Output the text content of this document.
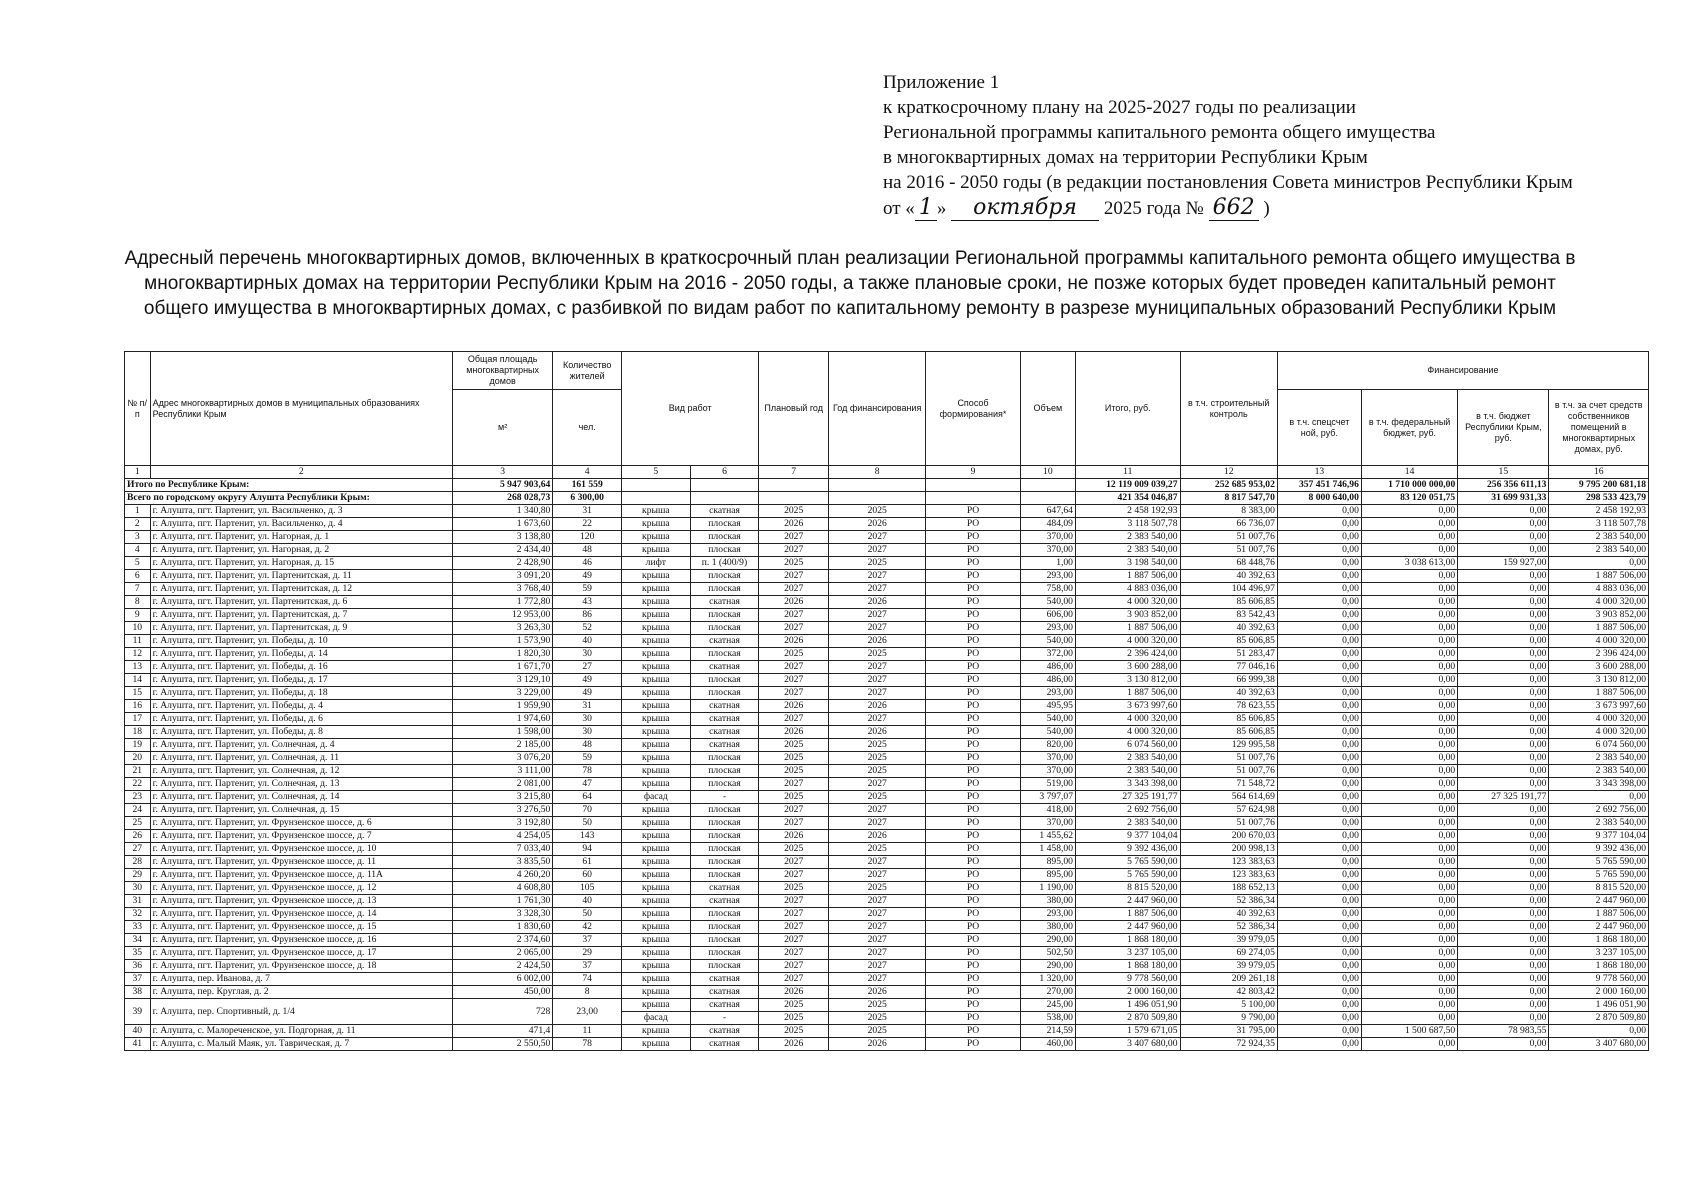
Приложение 1
к краткосрочному плану на 2025-2027 годы по реализации
Региональной программы капитального ремонта общего имущества
в многоквартирных домах на территории Республики Крым
на 2016 - 2050 годы (в редакции постановления Совета министров Республики Крым
от « 1 » октября 2025 года № 662 )
Адресный перечень многоквартирных домов, включенных в краткосрочный план реализации Региональной программы капитального ремонта общего имущества в многоквартирных домах на территории Республики Крым на 2016 - 2050 годы, а также плановые сроки, не позже которых будет проведен капитальный ремонт общего имущества в многоквартирных домах, с разбивкой по видам работ по капитальному ремонту в разрезе муниципальных образований Республики Крым
№ п/п	Адрес многоквартирных домов в муниципальных образованиях Республики Крым	Общая площадь многоквартирных домов	Количество жителей	Вид работ		Плановый год	Год финансирования	Способ формирования*	Объем	Итого, руб.	в т.ч. строительный контроль	Финансирование			
		м²	чел.									в т.ч. спецсчет ной, руб.	в т.ч. федеральный бюджет, руб.	в т.ч. бюджет Республики Крым, руб.	в т.ч. за счет средств собственников помещений в многоквартирных домах, руб.
1	2	3	4	5	6	7	8	9	10	11	12	13	14	15	16
Итого по Республике Крым:		5 947 903,64	161 559							12 119 009 039,27	252 685 953,02	357 451 746,96	1 710 000 000,00	256 356 611,13	9 795 200 681,18
Всего по городскому округу Алушта Республики Крым:		268 028,73	6 300,00							421 354 046,87	8 817 547,70	8 000 640,00	83 120 051,75	31 699 931,33	298 533 423,79
1	г. Алушта, пгт. Партенит, ул. Васильченко, д. 3	1 340,80	31	крыша	скатная	2025	2025	РО	647,64	2 458 192,93	8 383,00	0,00	0,00	0,00	2 458 192,93
2	г. Алушта, пгт. Партенит, ул. Васильченко, д. 4	1 673,60	22	крыша	плоская	2026	2026	РО	484,09	3 118 507,78	66 736,07	0,00	0,00	0,00	3 118 507,78
3	г. Алушта, пгт. Партенит, ул. Нагорная, д. 1	3 138,80	120	крыша	плоская	2027	2027	РО	370,00	2 383 540,00	51 007,76	0,00	0,00	0,00	2 383 540,00
4	г. Алушта, пгт. Партенит, ул. Нагорная, д. 2	2 434,40	48	крыша	плоская	2027	2027	РО	370,00	2 383 540,00	51 007,76	0,00	0,00	0,00	2 383 540,00
5	г. Алушта, пгт. Партенит, ул. Нагорная, д. 15	2 428,90	46	лифт	п. 1 (400/9)	2025	2025	РО	1,00	3 198 540,00	68 448,76	0,00	3 038 613,00	159 927,00	0,00
6	г. Алушта, пгт. Партенит, ул. Партенитская, д. 11	3 091,20	49	крыша	плоская	2027	2027	РО	293,00	1 887 506,00	40 392,63	0,00	0,00	0,00	1 887 506,00
7	г. Алушта, пгт. Партенит, ул. Партенитская, д. 12	3 768,40	59	крыша	плоская	2027	2027	РО	758,00	4 883 036,00	104 496,97	0,00	0,00	0,00	4 883 036,00
8	г. Алушта, пгт. Партенит, ул. Партенитская, д. 6	1 772,80	43	крыша	скатная	2026	2026	РО	540,00	4 000 320,00	85 606,85	0,00	0,00	0,00	4 000 320,00
9	г. Алушта, пгт. Партенит, ул. Партенитская, д. 7	12 953,00	86	крыша	плоская	2027	2027	РО	606,00	3 903 852,00	83 542,43	0,00	0,00	0,00	3 903 852,00
10	г. Алушта, пгт. Партенит, ул. Партенитская, д. 9	3 263,30	52	крыша	плоская	2027	2027	РО	293,00	1 887 506,00	40 392,63	0,00	0,00	0,00	1 887 506,00
11	г. Алушта, пгт. Партенит, ул. Победы, д. 10	1 573,90	40	крыша	скатная	2026	2026	РО	540,00	4 000 320,00	85 606,85	0,00	0,00	0,00	4 000 320,00
12	г. Алушта, пгт. Партенит, ул. Победы, д. 14	1 820,30	30	крыша	плоская	2025	2025	РО	372,00	2 396 424,00	51 283,47	0,00	0,00	0,00	2 396 424,00
13	г. Алушта, пгт. Партенит, ул. Победы, д. 16	1 671,70	27	крыша	скатная	2027	2027	РО	486,00	3 600 288,00	77 046,16	0,00	0,00	0,00	3 600 288,00
14	г. Алушта, пгт. Партенит, ул. Победы, д. 17	3 129,10	49	крыша	плоская	2027	2027	РО	486,00	3 130 812,00	66 999,38	0,00	0,00	0,00	3 130 812,00
15	г. Алушта, пгт. Партенит, ул. Победы, д. 18	3 229,00	49	крыша	плоская	2027	2027	РО	293,00	1 887 506,00	40 392,63	0,00	0,00	0,00	1 887 506,00
16	г. Алушта, пгт. Партенит, ул. Победы, д. 4	1 959,90	31	крыша	скатная	2026	2026	РО	495,95	3 673 997,60	78 623,55	0,00	0,00	0,00	3 673 997,60
17	г. Алушта, пгт. Партенит, ул. Победы, д. 6	1 974,60	30	крыша	скатная	2027	2027	РО	540,00	4 000 320,00	85 606,85	0,00	0,00	0,00	4 000 320,00
18	г. Алушта, пгт. Партенит, ул. Победы, д. 8	1 598,00	30	крыша	скатная	2026	2026	РО	540,00	4 000 320,00	85 606,85	0,00	0,00	0,00	4 000 320,00
19	г. Алушта, пгт. Партенит, ул. Солнечная, д. 4	2 185,00	48	крыша	скатная	2025	2025	РО	820,00	6 074 560,00	129 995,58	0,00	0,00	0,00	6 074 560,00
20	г. Алушта, пгт. Партенит, ул. Солнечная, д. 11	3 076,20	59	крыша	плоская	2025	2025	РО	370,00	2 383 540,00	51 007,76	0,00	0,00	0,00	2 383 540,00
21	г. Алушта, пгт. Партенит, ул. Солнечная, д. 12	3 111,00	78	крыша	плоская	2025	2025	РО	370,00	2 383 540,00	51 007,76	0,00	0,00	0,00	2 383 540,00
22	г. Алушта, пгт. Партенит, ул. Солнечная, д. 13	2 081,00	47	крыша	плоская	2027	2027	РО	519,00	3 343 398,00	71 548,72	0,00	0,00	0,00	3 343 398,00
23	г. Алушта, пгт. Партенит, ул. Солнечная, д. 14	3 215,80	64	фасад	-	2025	2025	РО	3 797,07	27 325 191,77	564 614,69	0,00	0,00	27 325 191,77	0,00
24	г. Алушта, пгт. Партенит, ул. Солнечная, д. 15	3 276,50	70	крыша	плоская	2027	2027	РО	418,00	2 692 756,00	57 624,98	0,00	0,00	0,00	2 692 756,00
25	г. Алушта, пгт. Партенит, ул. Фрунзенское шоссе, д. 6	3 192,80	50	крыша	плоская	2027	2027	РО	370,00	2 383 540,00	51 007,76	0,00	0,00	0,00	2 383 540,00
26	г. Алушта, пгт. Партенит, ул. Фрунзенское шоссе, д. 7	4 254,05	143	крыша	плоская	2026	2026	РО	1 455,62	9 377 104,04	200 670,03	0,00	0,00	0,00	9 377 104,04
27	г. Алушта, пгт. Партенит, ул. Фрунзенское шоссе, д. 10	7 033,40	94	крыша	плоская	2025	2025	РО	1 458,00	9 392 436,00	200 998,13	0,00	0,00	0,00	9 392 436,00
28	г. Алушта, пгт. Партенит, ул. Фрунзенское шоссе, д. 11	3 835,50	61	крыша	плоская	2027	2027	РО	895,00	5 765 590,00	123 383,63	0,00	0,00	0,00	5 765 590,00
29	г. Алушта, пгт. Партенит, ул. Фрунзенское шоссе, д. 11А	4 260,20	60	крыша	плоская	2027	2027	РО	895,00	5 765 590,00	123 383,63	0,00	0,00	0,00	5 765 590,00
30	г. Алушта, пгт. Партенит, ул. Фрунзенское шоссе, д. 12	4 608,80	105	крыша	скатная	2025	2025	РО	1 190,00	8 815 520,00	188 652,13	0,00	0,00	0,00	8 815 520,00
31	г. Алушта, пгт. Партенит, ул. Фрунзенское шоссе, д. 13	1 761,30	40	крыша	скатная	2027	2027	РО	380,00	2 447 960,00	52 386,34	0,00	0,00	0,00	2 447 960,00
32	г. Алушта, пгт. Партенит, ул. Фрунзенское шоссе, д. 14	3 328,30	50	крыша	плоская	2027	2027	РО	293,00	1 887 506,00	40 392,63	0,00	0,00	0,00	1 887 506,00
33	г. Алушта, пгт. Партенит, ул. Фрунзенское шоссе, д. 15	1 830,60	42	крыша	плоская	2027	2027	РО	380,00	2 447 960,00	52 386,34	0,00	0,00	0,00	2 447 960,00
34	г. Алушта, пгт. Партенит, ул. Фрунзенское шоссе, д. 16	2 374,60	37	крыша	плоская	2027	2027	РО	290,00	1 868 180,00	39 979,05	0,00	0,00	0,00	1 868 180,00
35	г. Алушта, пгт. Партенит, ул. Фрунзенское шоссе, д. 17	2 065,00	29	крыша	плоская	2027	2027	РО	502,50	3 237 105,00	69 274,05	0,00	0,00	0,00	3 237 105,00
36	г. Алушта, пгт. Партенит, ул. Фрунзенское шоссе, д. 18	2 424,50	37	крыша	плоская	2027	2027	РО	290,00	1 868 180,00	39 979,05	0,00	0,00	0,00	1 868 180,00
37	г. Алушта, пер. Иванова, д. 7	6 002,00	74	крыша	скатная	2027	2027	РО	1 320,00	9 778 560,00	209 261,18	0,00	0,00	0,00	9 778 560,00
38	г. Алушта, пер. Круглая, д. 2	450,00	8	крыша	скатная	2026	2026	РО	270,00	2 000 160,00	42 803,42	0,00	0,00	0,00	2 000 160,00
39	г. Алушта, пер. Спортивный, д. 1/4	728	23,00	крыша	скатная	2025	2025	РО	245,00	1 496 051,90	5 100,00	0,00	0,00	0,00	1 496 051,90
				фасад	-	2025	2025	РО	538,00	2 870 509,80	9 790,00	0,00	0,00	0,00	2 870 509,80
40	г. Алушта, с. Малореченское, ул. Подгорная, д. 11	471,4	11	крыша	скатная	2025	2025	РО	214,59	1 579 671,05	31 795,00	0,00	1 500 687,50	78 983,55	0,00
41	г. Алушта, с. Малый Маяк, ул. Таврическая, д. 7	2 550,50	78	крыша	скатная	2026	2026	РО	460,00	3 407 680,00	72 924,35	0,00	0,00	0,00	3 407 680,00
